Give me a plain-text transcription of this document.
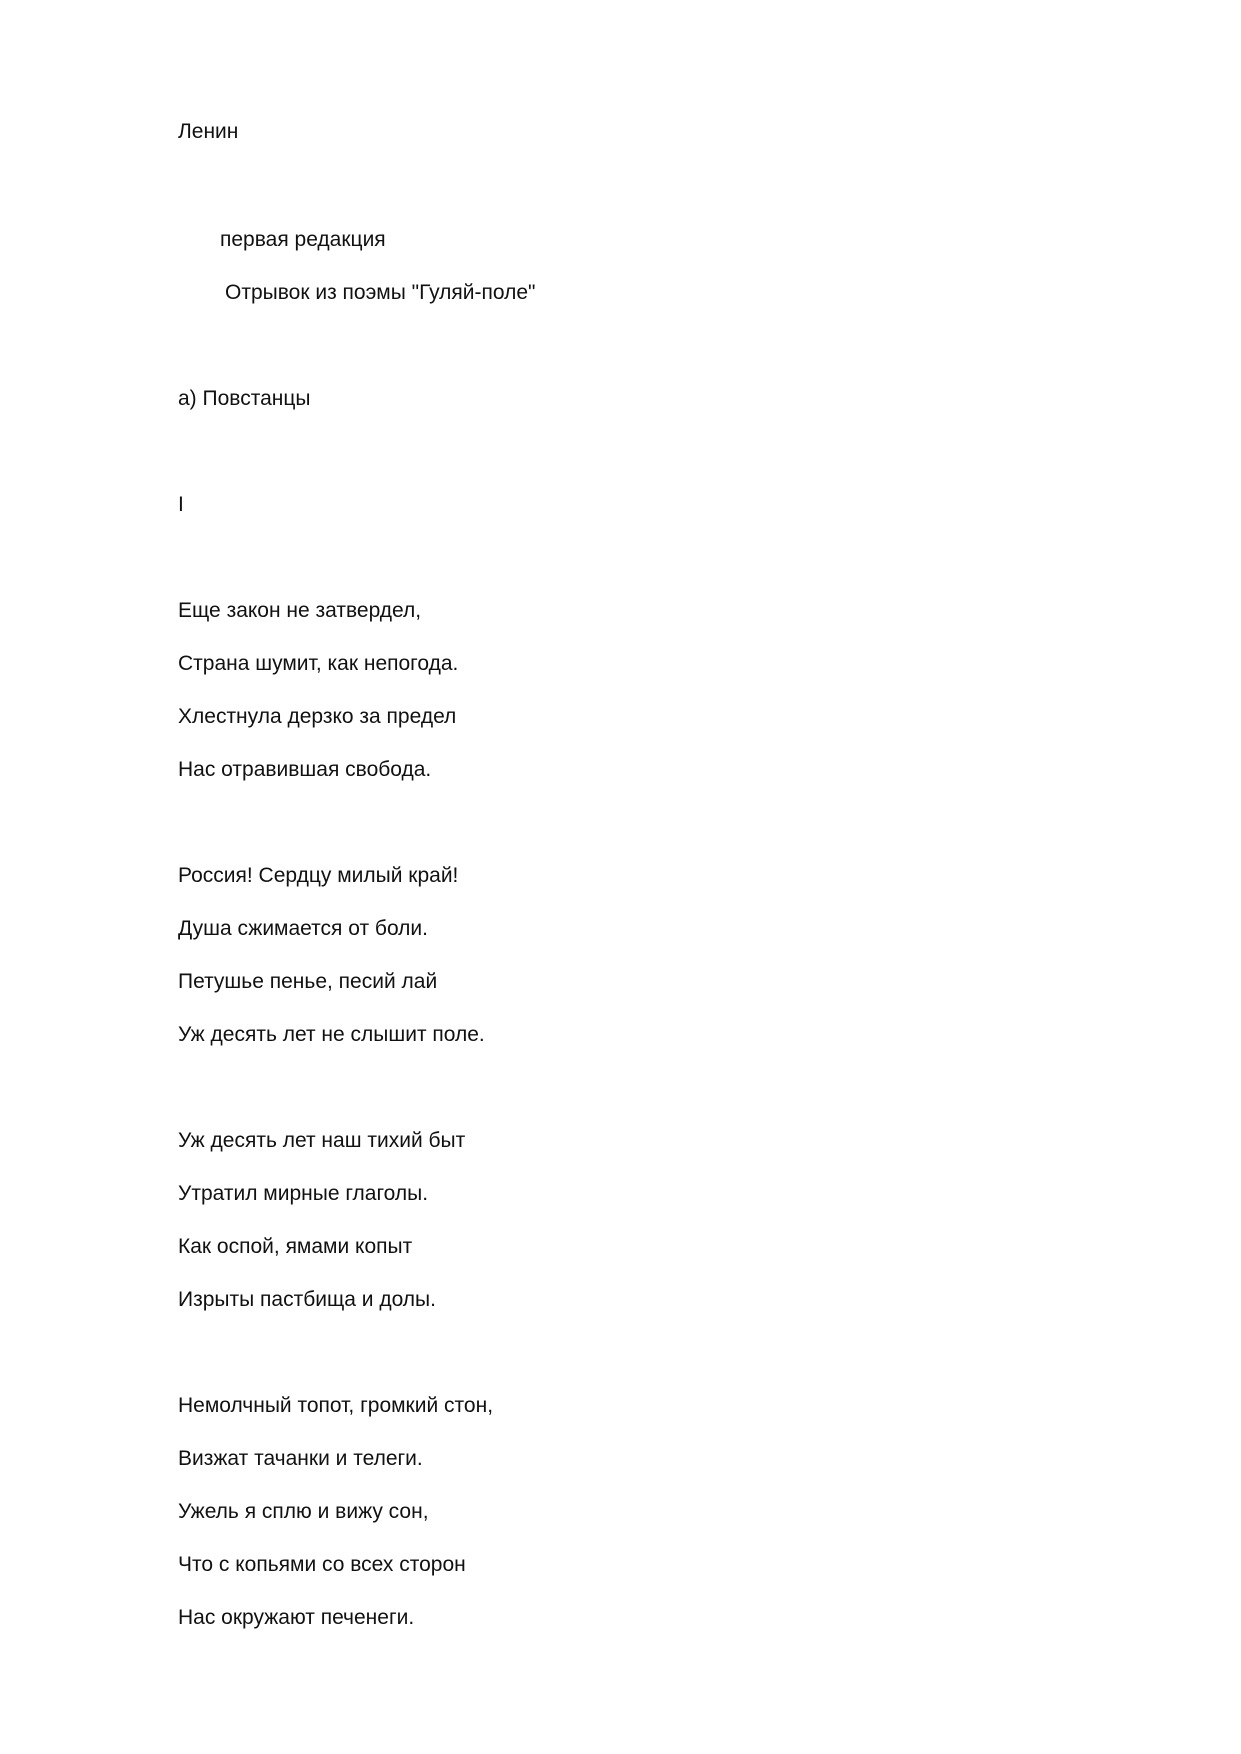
Ленин
первая редакция
Отрывок из поэмы "Гуляй-поле"
а) Повстанцы
I
Еще закон не затвердел,
Страна шумит, как непогода.
Хлестнула дерзко за предел
Нас отравившая свобода.
Россия! Сердцу милый край!
Душа сжимается от боли.
Петушье пенье, песий лай
Уж десять лет не слышит поле.
Уж десять лет наш тихий быт
Утратил мирные глаголы.
Как оспой, ямами копыт
Изрыты пастбища и долы.
Немолчный топот, громкий стон,
Визжат тачанки и телеги.
Ужель я сплю и вижу сон,
Что с копьями со всех сторон
Нас окружают печенеги.
